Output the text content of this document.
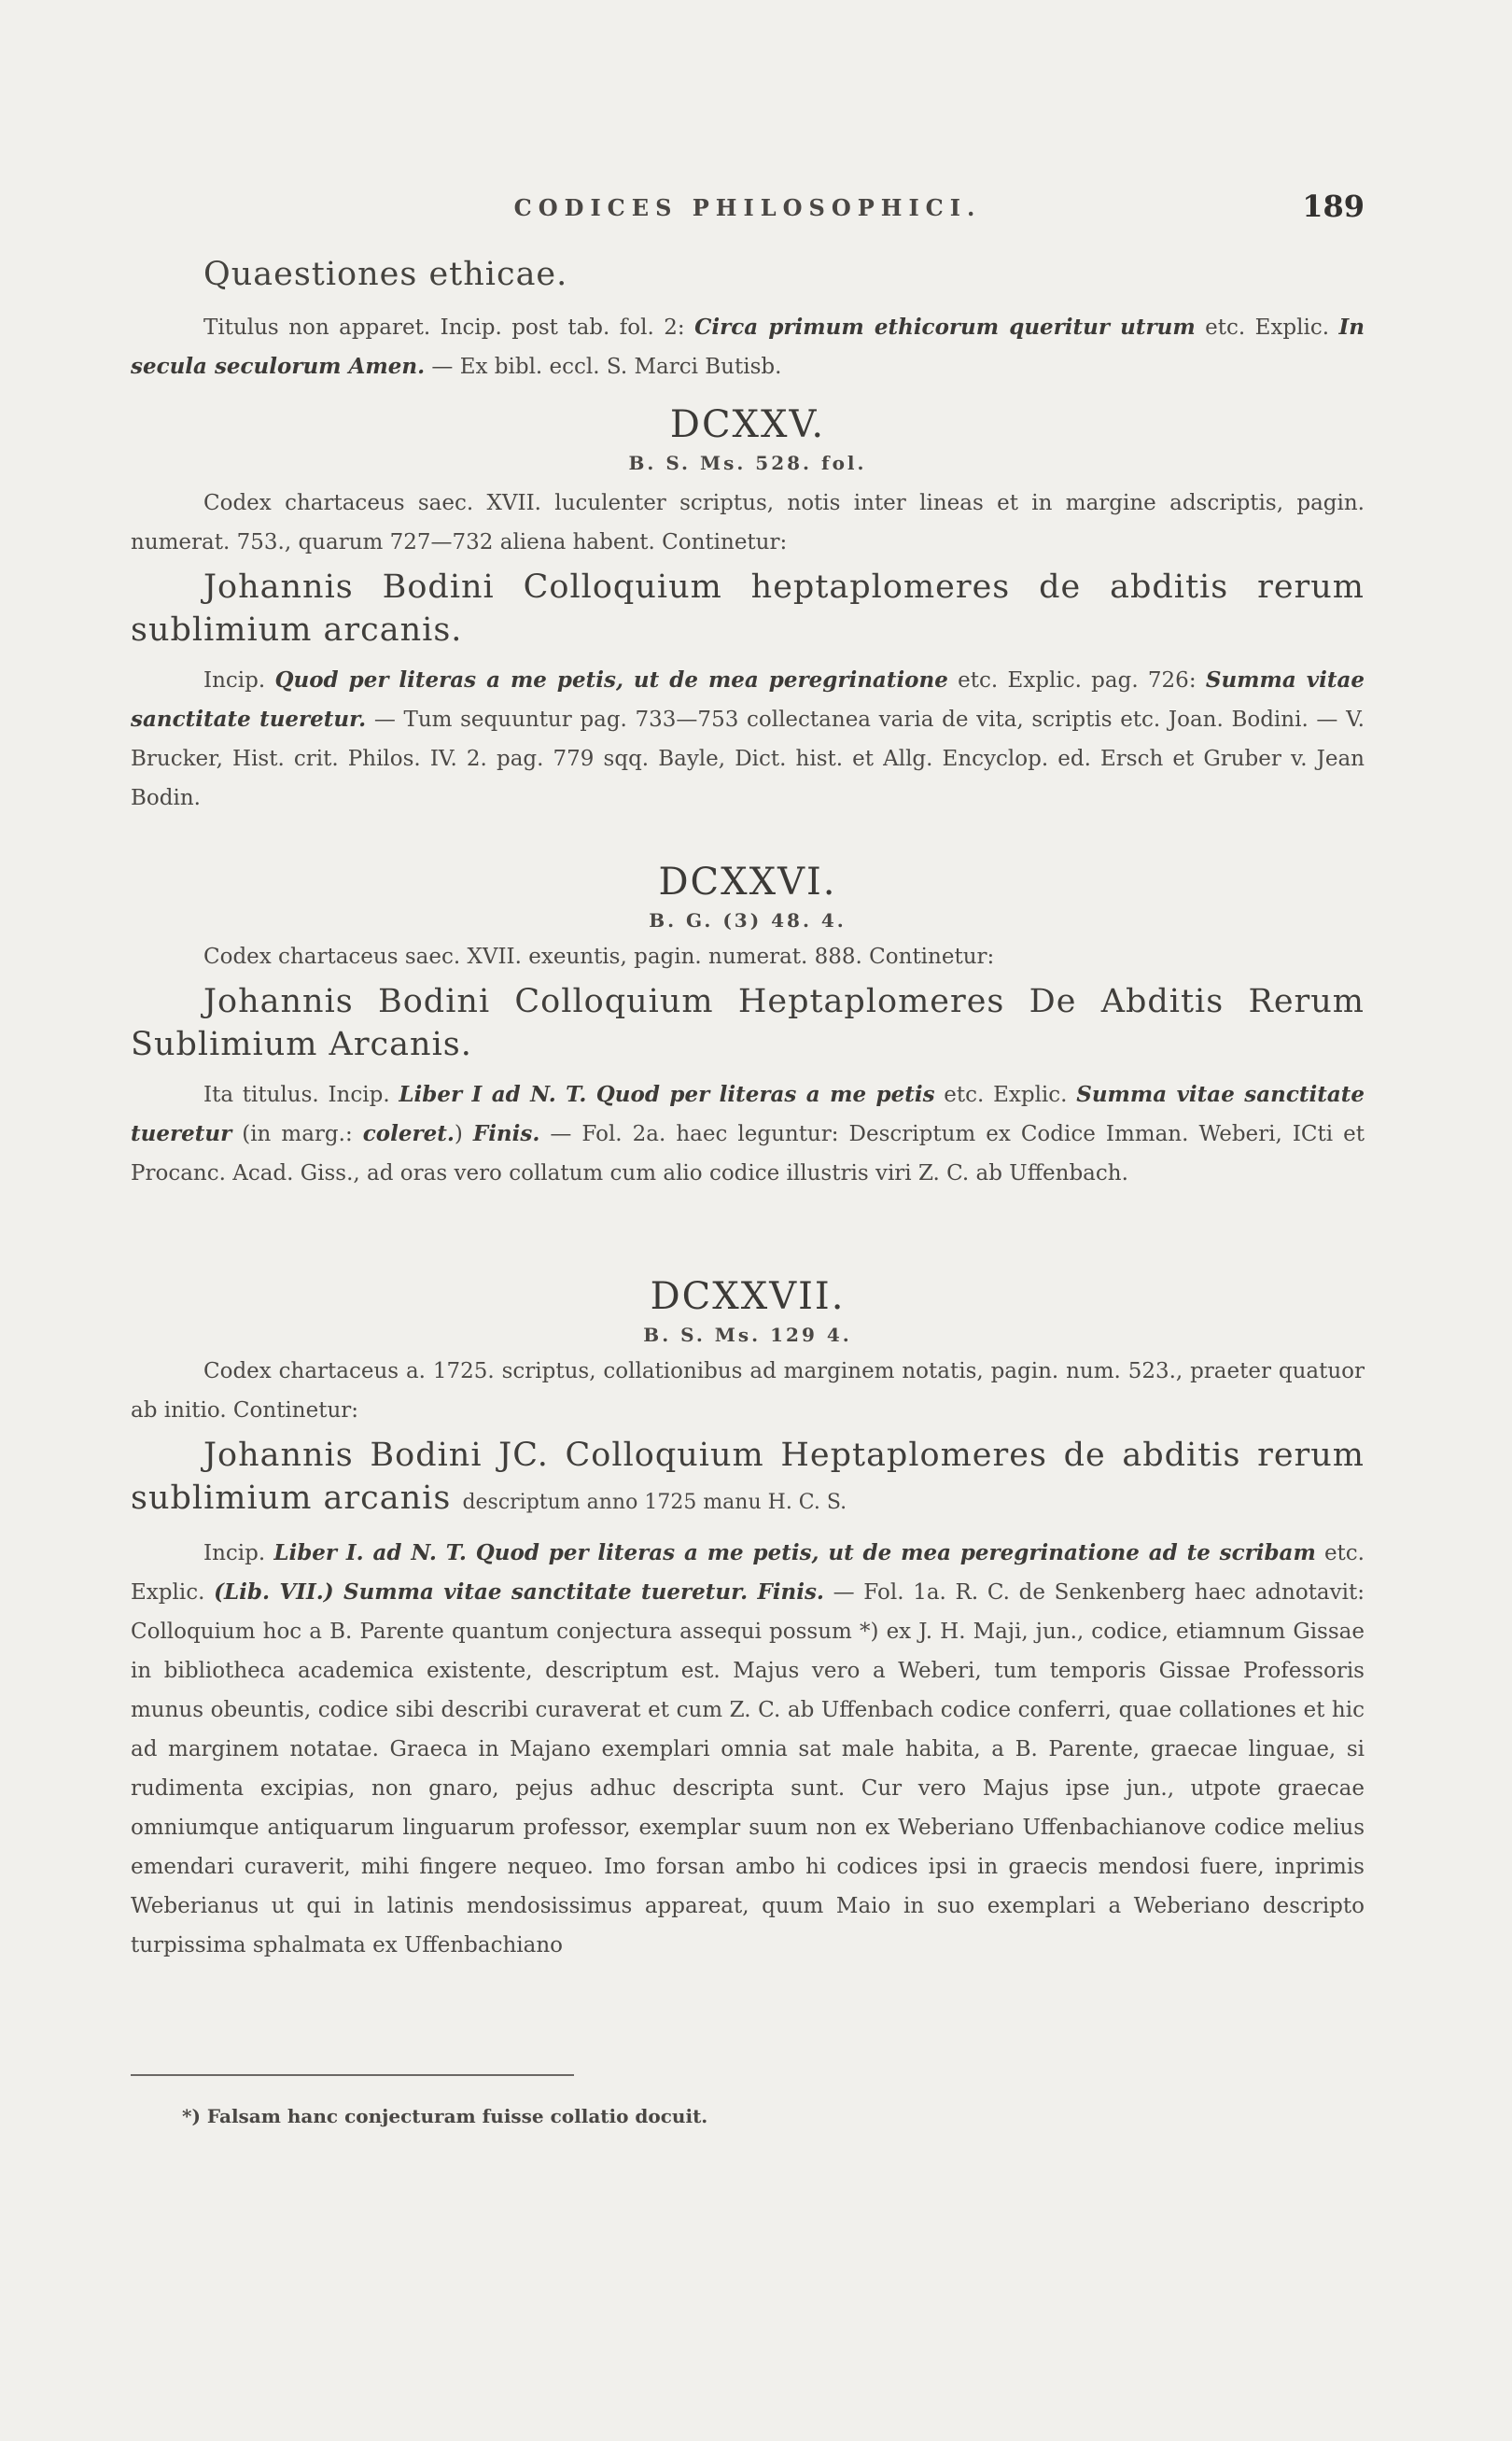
CODICES PHILOSOPHICI.	189
Quaestiones ethicae.
Titulus non apparet. Incip. post tab. fol. 2: Circa primum ethicorum queritur utrum etc. Explic. In secula seculorum Amen. — Ex bibl. eccl. S. Marci Butisb.
DCXXV.
B. S. Ms. 528. fol.
Codex chartaceus saec. XVII. luculenter scriptus, notis inter lineas et in margine adscriptis, pagin. numerat. 753., quarum 727—732 aliena habent. Continetur:
Johannis Bodini Colloquium heptaplomeres de abditis rerum sublimium arcanis.
Incip. Quod per literas a me petis, ut de mea peregrinatione etc. Explic. pag. 726: Summa vitae sanctitate tueretur. — Tum sequuntur pag. 733—753 collectanea varia de vita, scriptis etc. Joan. Bodini. — V. Brucker, Hist. crit. Philos. IV. 2. pag. 779 sqq. Bayle, Dict. hist. et Allg. Encyclop. ed. Ersch et Gruber v. Jean Bodin.
DCXXVI.
B. G. (3) 48. 4.
Codex chartaceus saec. XVII. exeuntis, pagin. numerat. 888. Continetur:
Johannis Bodini Colloquium Heptaplomeres De Abditis Rerum Sublimium Arcanis.
Ita titulus. Incip. Liber I ad N. T. Quod per literas a me petis etc. Explic. Summa vitae sanctitate tueretur (in marg.: coleret.) Finis. — Fol. 2a. haec leguntur: Descriptum ex Codice Imman. Weberi, ICti et Procanc. Acad. Giss., ad oras vero collatum cum alio codice illustris viri Z. C. ab Uffenbach.
DCXXVII.
B. S. Ms. 129 4.
Codex chartaceus a. 1725. scriptus, collationibus ad marginem notatis, pagin. num. 523., praeter quatuor ab initio. Continetur:
Johannis Bodini JC. Colloquium Heptaplomeres de abditis rerum sublimium arcanis descriptum anno 1725 manu H. C. S.
Incip. Liber I. ad N. T. Quod per literas a me petis, ut de mea peregrinatione ad te scribam etc. Explic. (Lib. VII.) Summa vitae sanctitate tueretur. Finis. — Fol. 1a. R. C. de Senkenberg haec adnotavit: Colloquium hoc a B. Parente quantum conjectura assequi possum *) ex J. H. Maji, jun., codice, etiamnum Gissae in bibliotheca academica existente, descriptum est. Majus vero a Weberi, tum temporis Gissae Professoris munus obeuntis, codice sibi describi curaverat et cum Z. C. ab Uffenbach codice conferri, quae collationes et hic ad marginem notatae. Graeca in Majano exemplari omnia sat male habita, a B. Parente, graecae linguae, si rudimenta excipias, non gnaro, pejus adhuc descripta sunt. Cur vero Majus ipse jun., utpote graecae omniumque antiquarum linguarum professor, exemplar suum non ex Weberiano Uffenbachianove codice melius emendari curaverit, mihi fingere nequeo. Imo forsan ambo hi codices ipsi in graecis mendosi fuere, inprimis Weberianus ut qui in latinis mendosissimus appareat, quum Maio in suo exemplari a Weberiano descripto turpissima sphalmata ex Uffenbachiano
*) Falsam hanc conjecturam fuisse collatio docuit.
